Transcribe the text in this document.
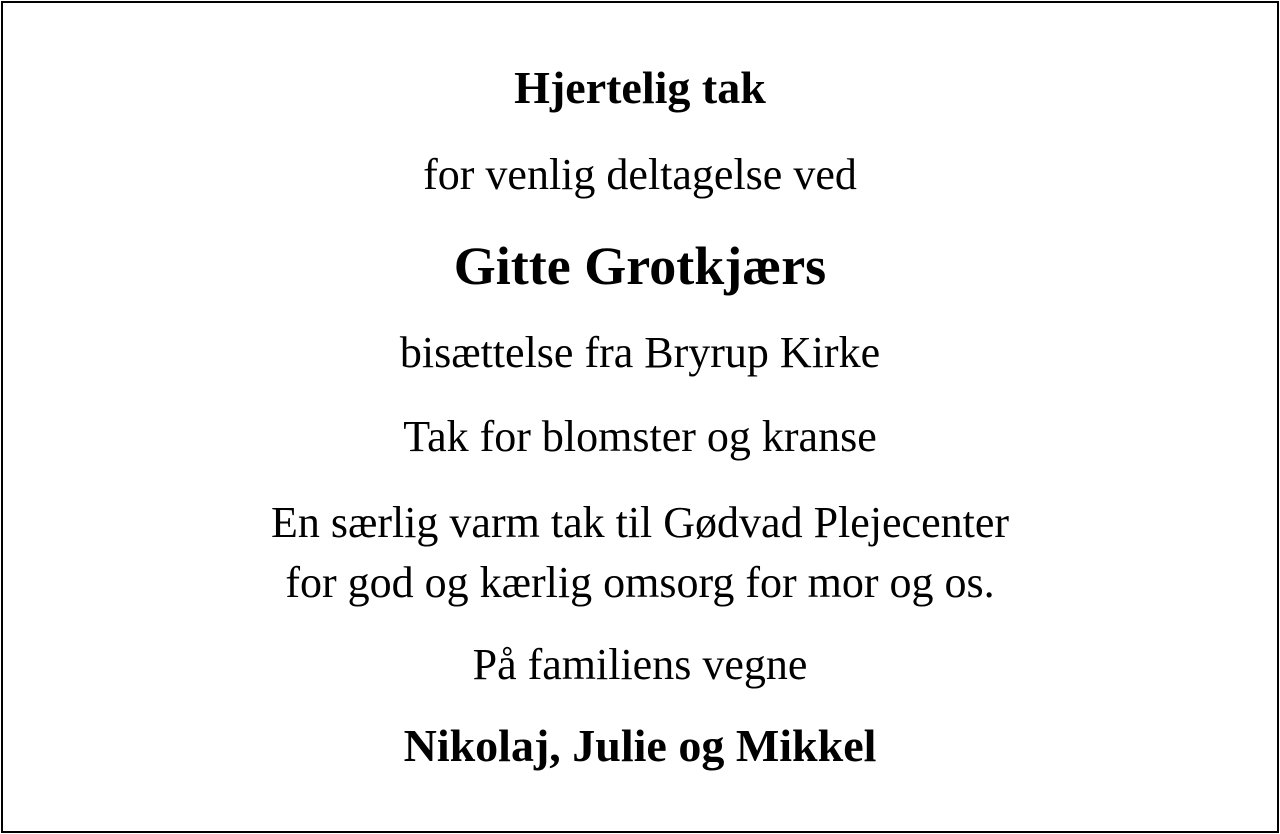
Hjertelig tak
for venlig deltagelse ved
Gitte Grotkjærs
bisættelse fra Bryrup Kirke
Tak for blomster og kranse
En særlig varm tak til Gødvad Plejecenter
for god og kærlig omsorg for mor og os.
På familiens vegne
Nikolaj, Julie og Mikkel
